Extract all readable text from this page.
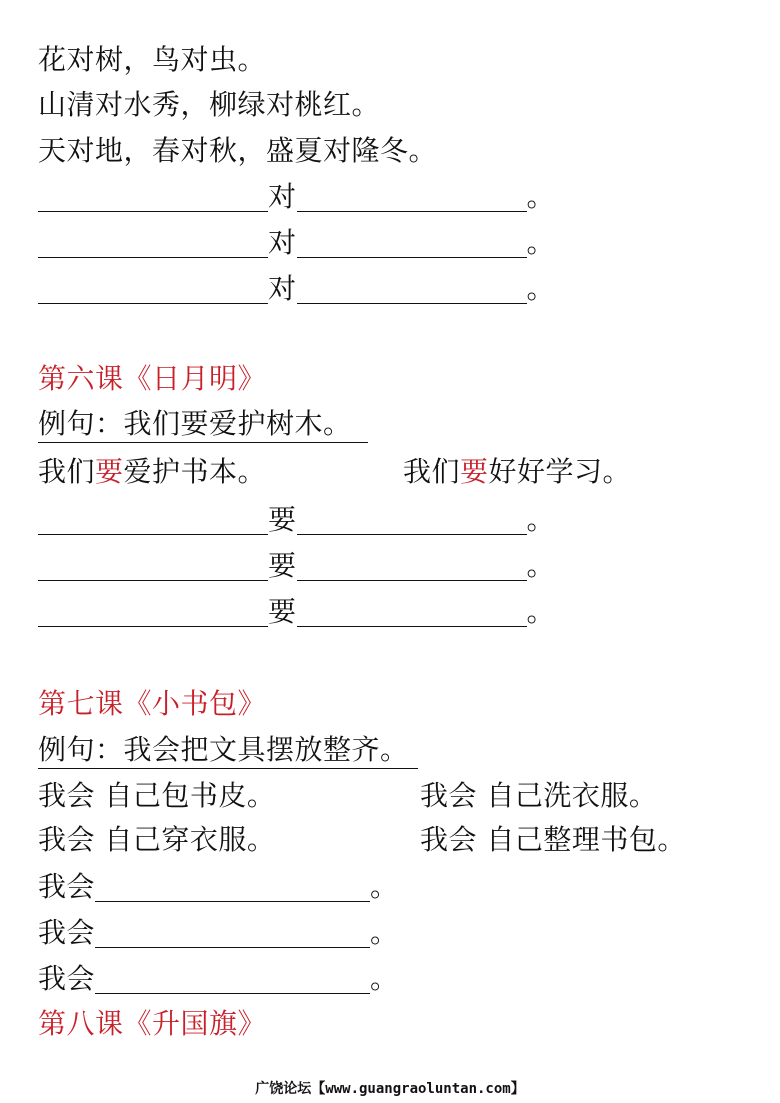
花对树，鸟对虫。
山清对水秀，柳绿对桃红。
天对地，春对秋，盛夏对隆冬。
对	。
对	。
对	。
第六课《日月明》
例句：我们要爱护树木。
我们要爱护书本。	我们要好好学习。
要	。
要	。
要	。
第七课《小书包》
例句：我会把文具摆放整齐。
我会 自己包书皮。	我会 自己洗衣服。
我会 自己穿衣服。	我会 自己整理书包。
我会	。
我会	。
我会	。
第八课《升国旗》
广饶论坛【www.guangraoluntan.com】
